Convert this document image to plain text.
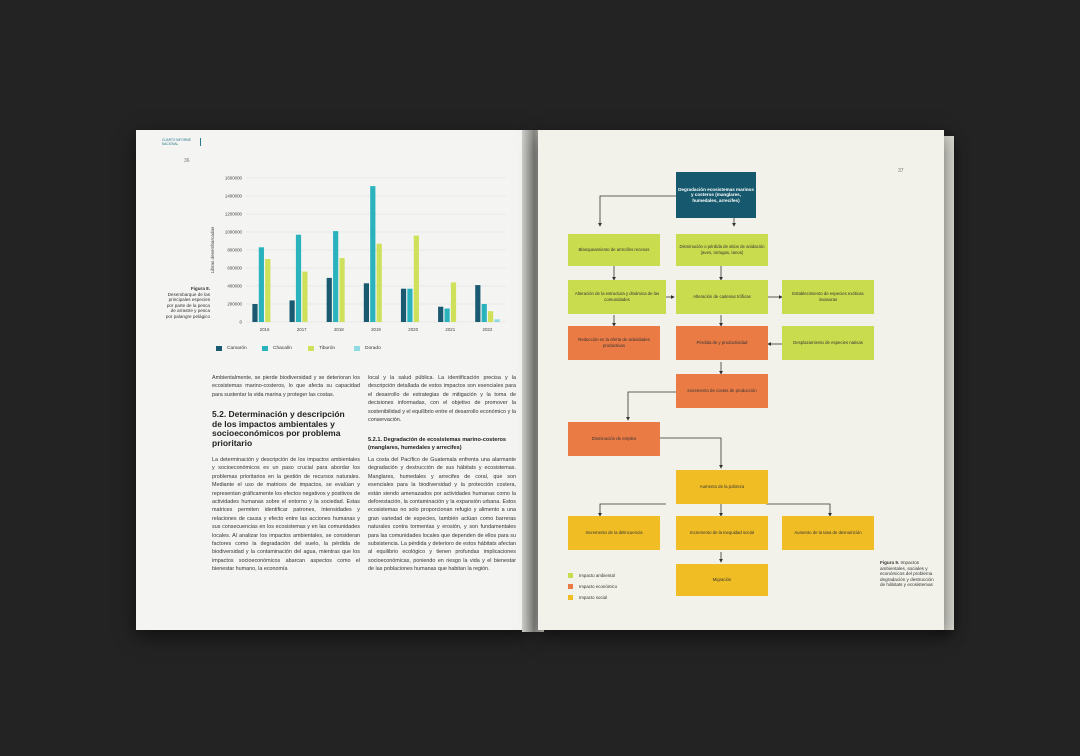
CUARTO INFORME NACIONAL
36
Figura 8.
Desembarque de las principales especies por parte de la pesca de arrastre y pesca por palangre pelágico
0
200000
400000
600000
800000
1000000
1200000
1400000
1600000
Libras desembarcadas
2016	2017	2018	2019	2020	2021	2022
Camarón	Chacalín	Tiburón	Dorado
Ambientalmente, se pierde biodiversidad y se deterioran los ecosistemas marino-costeros, lo que afecta su capacidad para sustentar la vida marina y proteger las costas.
5.2. Determinación y descripción de los impactos ambientales y socioeconómicos por problema prioritario
La determinación y descripción de los impactos ambientales y socioeconómicos es un paso crucial para abordar los problemas prioritarios en la gestión de recursos naturales. Mediante el uso de matrices de impactos, se evalúan y representan gráficamente los efectos negativos y positivos de actividades humanas sobre el entorno y la sociedad. Estas matrices permiten identificar patrones, intensidades y relaciones de causa y efecto entre las acciones humanas y sus consecuencias en los ecosistemas y en las comunidades locales. Al analizar los impactos ambientales, se consideran factores como la degradación del suelo, la pérdida de biodiversidad y la contaminación del agua, mientras que los impactos socioeconómicos abarcan aspectos como el bienestar humano, la economía
local y la salud pública. La identificación precisa y la descripción detallada de estos impactos son esenciales para el desarrollo de estrategias de mitigación y la toma de decisiones informadas, con el objetivo de promover la sostenibilidad y el equilibrio entre el desarrollo económico y la conservación.
5.2.1. Degradación de ecosistemas marino-costeros (manglares, humedales y arrecifes)
La costa del Pacífico de Guatemala enfrenta una alarmante degradación y destrucción de sus hábitats y ecosistemas. Manglares, humedales y arrecifes de coral, que son esenciales para la biodiversidad y la protección costera, están siendo amenazados por actividades humanas como la deforestación, la contaminación y la expansión urbana. Estos ecosistemas no solo proporcionan refugio y alimento a una gran variedad de especies, también actúan como barreras naturales contra tormentas y erosión, y son fundamentales para las comunidades locales que dependen de ellos para su subsistencia. La pérdida y deterioro de estos hábitats afectan al equilibrio ecológico y tienen profundas implicaciones socioeconómicas, poniendo en riesgo la vida y el bienestar de las poblaciones humanas que habitan la región.
37
Degradación ecosistemas marinos y costeros (manglares, humedales, arrecifes)
Blanqueamiento de arrecifes recesos
Disminución o pérdida de sitios de anidación (aves, tortugas, tanos)
Alteración de la estructura y dinámica de las comunidades
Alteración de cadenas tróficas
Establecimiento de especies exóticas invasoras
Reducción en la oferta de actividades productivas
Pérdida de y productividad	Desplazamiento de especies nativas
Incremento de costos de producción
Disminución de empleo
Aumento de la pobreza
Incremento de la delincuencia	Incremento de la inequidad social	Aumento de la tasa de desnutrición
Migración
Impacto ambiental
Impacto económico
Impacto social
Figura 9. Impactos ambientales, sociales y económicos del problema degradación y destrucción de hábitats y ecosistemas
